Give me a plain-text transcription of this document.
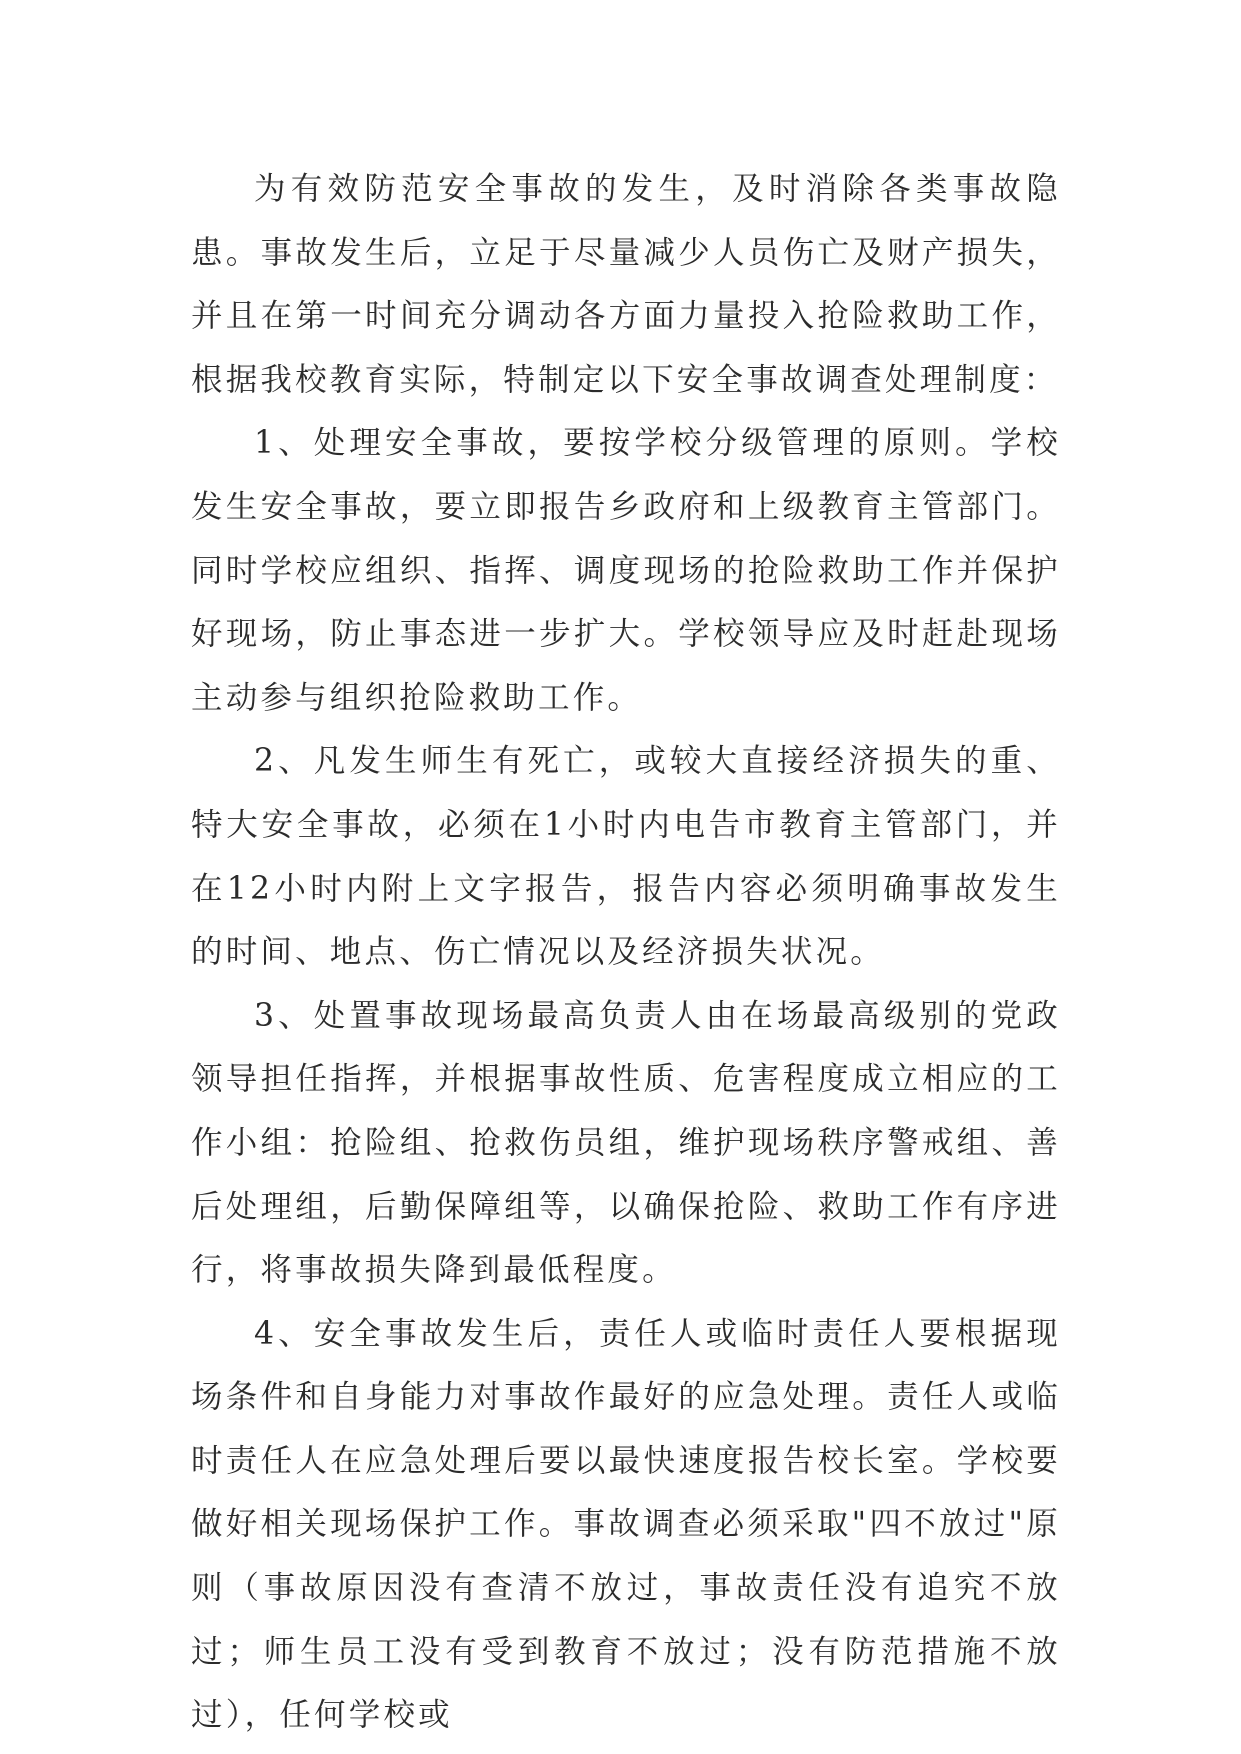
为有效防范安全事故的发生，及时消除各类事故隐患。事故发生后，立足于尽量减少人员伤亡及财产损失，并且在第一时间充分调动各方面力量投入抢险救助工作，根据我校教育实际，特制定以下安全事故调查处理制度：

1、处理安全事故，要按学校分级管理的原则。学校发生安全事故，要立即报告乡政府和上级教育主管部门。同时学校应组织、指挥、调度现场的抢险救助工作并保护好现场，防止事态进一步扩大。学校领导应及时赶赴现场主动参与组织抢险救助工作。

2、凡发生师生有死亡，或较大直接经济损失的重、特大安全事故，必须在1小时内电告市教育主管部门，并在12小时内附上文字报告，报告内容必须明确事故发生的时间、地点、伤亡情况以及经济损失状况。

3、处置事故现场最高负责人由在场最高级别的党政领导担任指挥，并根据事故性质、危害程度成立相应的工作小组：抢险组、抢救伤员组，维护现场秩序警戒组、善后处理组，后勤保障组等，以确保抢险、救助工作有序进行，将事故损失降到最低程度。

4、安全事故发生后，责任人或临时责任人要根据现场条件和自身能力对事故作最好的应急处理。责任人或临时责任人在应急处理后要以最快速度报告校长室。学校要做好相关现场保护工作。事故调查必须采取"四不放过"原则（事故原因没有查清不放过，事故责任没有追究不放过；师生员工没有受到教育不放过；没有防范措施不放过），任何学校或
